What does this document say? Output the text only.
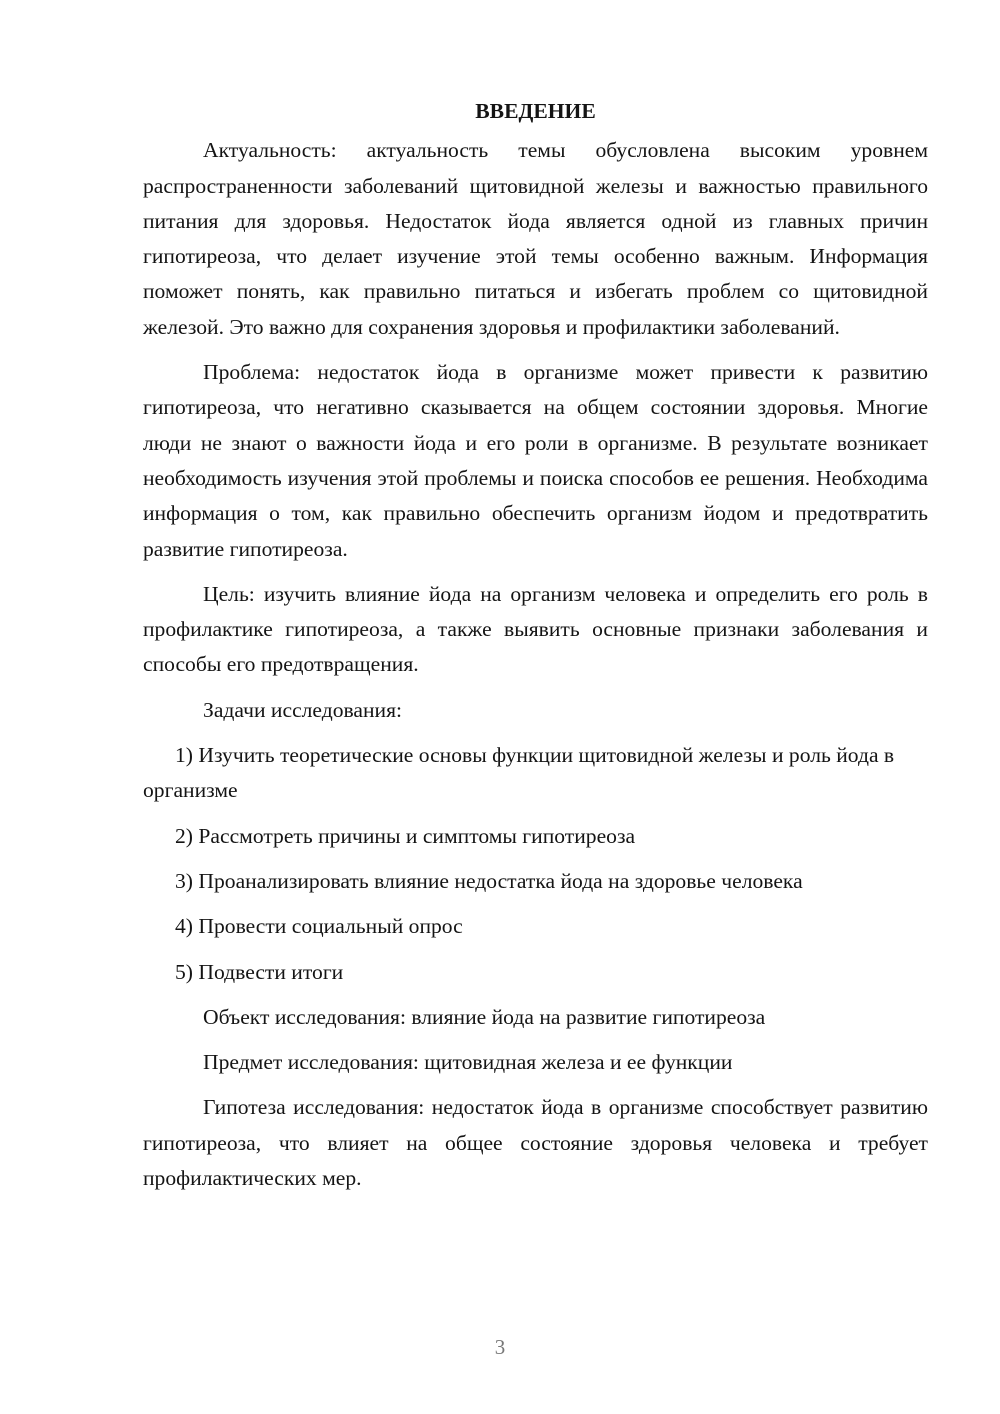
ВВЕДЕНИЕ

Актуальность: актуальность темы обусловлена высоким уровнем распространенности заболеваний щитовидной железы и важностью правильного питания для здоровья. Недостаток йода является одной из главных причин гипотиреоза, что делает изучение этой темы особенно важным. Информация поможет понять, как правильно питаться и избегать проблем со щитовидной железой. Это важно для сохранения здоровья и профилактики заболеваний.

Проблема: недостаток йода в организме может привести к развитию гипотиреоза, что негативно сказывается на общем состоянии здоровья. Многие люди не знают о важности йода и его роли в организме. В результате возникает необходимость изучения этой проблемы и поиска способов ее решения. Необходима информация о том, как правильно обеспечить организм йодом и предотвратить развитие гипотиреоза.

Цель: изучить влияние йода на организм человека и определить его роль в профилактике гипотиреоза, а также выявить основные признаки заболевания и способы его предотвращения.

Задачи исследования:

1) Изучить теоретические основы функции щитовидной железы и роль йода в организме

2) Рассмотреть причины и симптомы гипотиреоза

3) Проанализировать влияние недостатка йода на здоровье человека

4) Провести социальный опрос

5) Подвести итоги

Объект исследования: влияние йода на развитие гипотиреоза

Предмет исследования: щитовидная железа и ее функции

Гипотеза исследования: недостаток йода в организме способствует развитию гипотиреоза, что влияет на общее состояние здоровья человека и требует профилактических мер.

3
